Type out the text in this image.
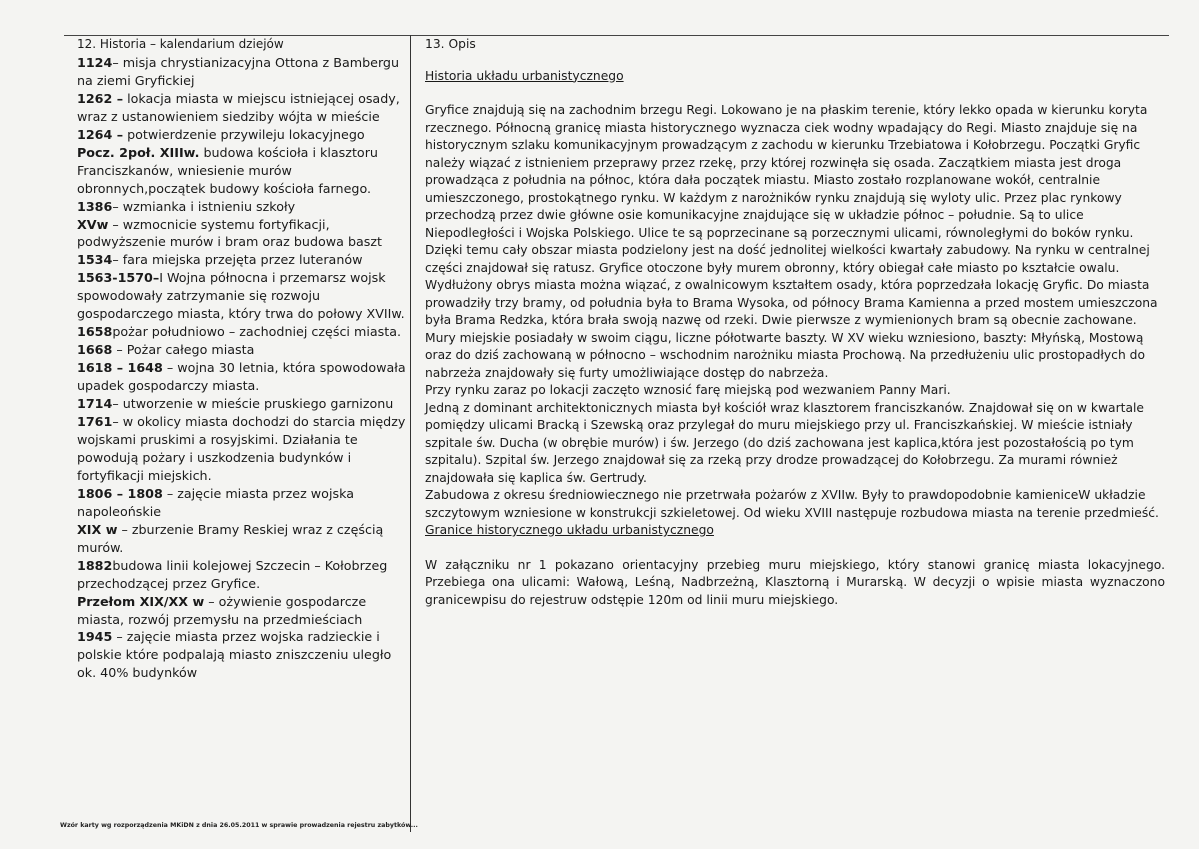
12. Historia – kalendarium dziejów

1124– misja chrystianizacyjna Ottona z Bambergu na ziemi Gryfickiej

1262 – lokacja miasta w miejscu istniejącej osady, wraz z ustanowieniem siedziby wójta w mieście

1264 – potwierdzenie przywileju lokacyjnego

Pocz. 2poł. XIIIw. budowa kościoła i klasztoru Franciszkanów, wniesienie murów obronnych,początek budowy kościoła farnego.

1386– wzmianka i istnieniu szkoły

XVw – wzmocnicie systemu fortyfikacji, podwyższenie murów i bram oraz budowa baszt

1534– fara miejska przejęta przez luteranów

1563-1570–I Wojna północna i przemarsz wojsk spowodowały zatrzymanie się rozwoju gospodarczego miasta, który trwa do połowy XVIIw.

1658pożar południowo – zachodniej części miasta.

1668 – Pożar całego miasta

1618 – 1648 – wojna 30 letnia, która spowodowała upadek gospodarczy miasta.

1714– utworzenie w mieście pruskiego garnizonu

1761– w okolicy miasta dochodzi do starcia między wojskami pruskimi a rosyjskimi. Działania te powodują pożary i uszkodzenia budynków i fortyfikacji miejskich.

1806 – 1808 – zajęcie miasta przez wojska napoleońskie

XIX w – zburzenie Bramy Reskiej wraz z częścią murów.

1882budowa linii kolejowej Szczecin – Kołobrzeg przechodzącej przez Gryfice.

Przełom XIX/XX w – ożywienie gospodarcze miasta, rozwój przemysłu na przedmieściach

1945 – zajęcie miasta przez wojska radzieckie i polskie które podpalają miasto zniszczeniu uległo ok. 40% budynków

13. Opis

Historia układu urbanistycznego

Gryfice znajdują się na zachodnim brzegu Regi. Lokowano je na płaskim terenie, który lekko opada w kierunku koryta rzecznego. Północną granicę miasta historycznego wyznacza ciek wodny wpadający do Regi. Miasto znajduje się na historycznym szlaku komunikacyjnym prowadzącym z zachodu w kierunku Trzebiatowa i Kołobrzegu. Początki Gryfic należy wiązać z istnieniem przeprawy przez rzekę, przy której rozwinęła się osada. Zaczątkiem miasta jest droga prowadząca z południa na północ, która dała początek miastu. Miasto zostało rozplanowane wokół, centralnie umieszczonego, prostokątnego rynku. W każdym z narożników rynku znajdują się wyloty ulic. Przez plac rynkowy przechodzą przez dwie główne osie komunikacyjne znajdujące się w układzie północ – południe. Są to ulice Niepodległości i Wojska Polskiego. Ulice te są poprzecinane są porzecznymi ulicami, równoległymi do boków rynku. Dzięki temu cały obszar miasta podzielony jest na dość jednolitej wielkości kwartały zabudowy. Na rynku w centralnej części znajdował się ratusz. Gryfice otoczone były murem obronny, który obiegał całe miasto po kształcie owalu. Wydłużony obrys miasta można wiązać, z owalnicowym kształtem osady, która poprzedzała lokację Gryfic. Do miasta prowadziły trzy bramy, od południa była to Brama Wysoka, od północy Brama Kamienna a przed mostem umieszczona była Brama Redzka, która brała swoją nazwę od rzeki. Dwie pierwsze z wymienionych bram są obecnie zachowane. Mury miejskie posiadały w swoim ciągu, liczne półotwarte baszty. W XV wieku wzniesiono, baszty: Młyńską, Mostową oraz do dziś zachowaną w północno – wschodnim narożniku miasta Prochową. Na przedłużeniu ulic prostopadłych do nabrzeża znajdowały się furty umożliwiające dostęp do nabrzeża.

Przy rynku zaraz po lokacji zaczęto wznosić farę miejską pod wezwaniem Panny Mari.

Jedną z dominant architektonicznych miasta był kościół wraz klasztorem franciszkanów. Znajdował się on w kwartale pomiędzy ulicami Bracką i Szewską oraz przylegał do muru miejskiego przy ul. Franciszkańskiej. W mieście istniały szpitale św. Ducha (w obrębie murów) i św. Jerzego (do dziś zachowana jest kaplica,która jest pozostałością po tym szpitalu). Szpital św. Jerzego znajdował się za rzeką przy drodze prowadzącej do Kołobrzegu. Za murami również znajdowała się kaplica św. Gertrudy.

Zabudowa z okresu średniowiecznego nie przetrwała pożarów z XVIIw. Były to prawdopodobnie kamieniceW układzie szczytowym wzniesione w konstrukcji szkieletowej. Od wieku XVIII następuje rozbudowa miasta na terenie przedmieść.

Granice historycznego układu urbanistycznego

W załączniku nr 1 pokazano orientacyjny przebieg muru miejskiego, który stanowi granicę miasta lokacyjnego. Przebiega ona ulicami: Wałową, Leśną, Nadbrzeżną, Klasztorną i Murarską. W decyzji o wpisie miasta wyznaczono granicewpisu do rejestruw odstępie 120m od linii muru miejskiego.

Wzór karty wg rozporządzenia MKiDN z dnia 26.05.2011 w sprawie prowadzenia rejestru zabytków...
